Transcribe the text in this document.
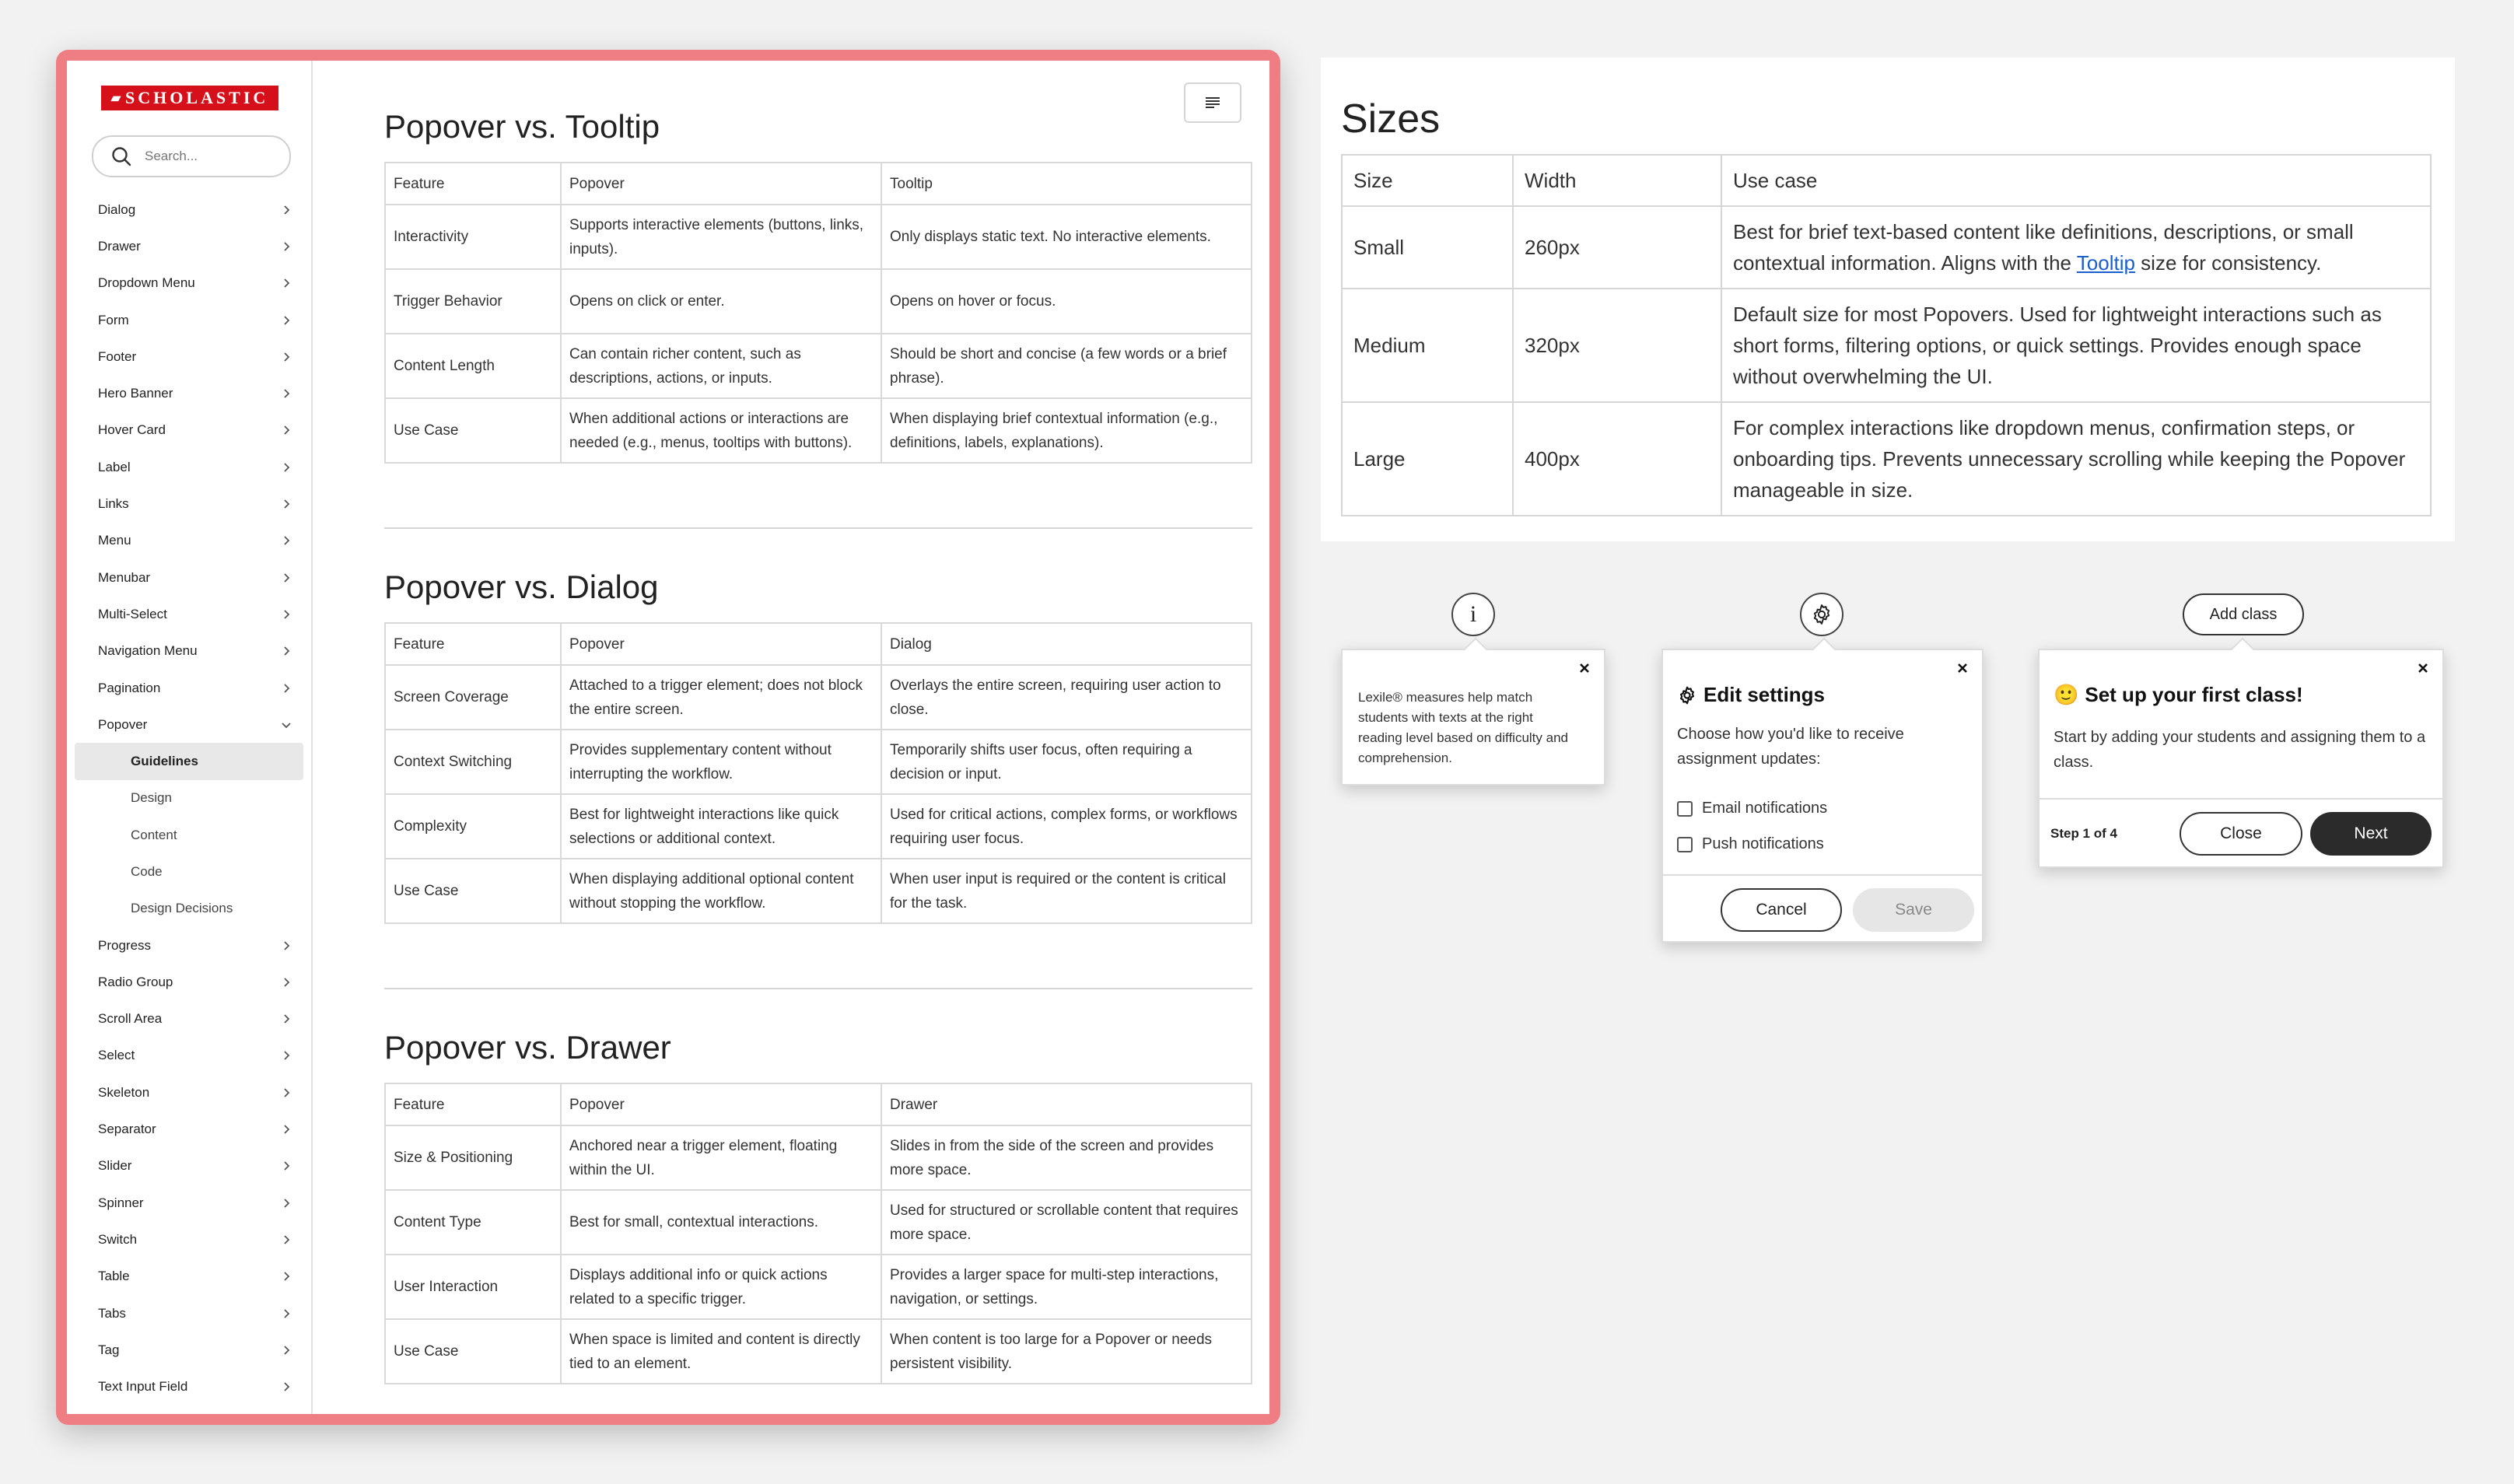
▰ SCHOLASTIC
Search...
Dialog
Drawer
Dropdown Menu
Form
Footer
Hero Banner
Hover Card
Label
Links
Menu
Menubar
Multi-Select
Navigation Menu
Pagination
Popover
Guidelines
Design
Content
Code
Design Decisions
Progress
Radio Group
Scroll Area
Select
Skeleton
Separator
Slider
Spinner
Switch
Table
Tabs
Tag
Text Input Field
Popover vs. Tooltip
Feature	Popover	Tooltip
Interactivity	Supports interactive elements (buttons, links, inputs).	Only displays static text. No interactive elements.
Trigger Behavior	Opens on click or enter.	Opens on hover or focus.
Content Length	Can contain richer content, such as descriptions, actions, or inputs.	Should be short and concise (a few words or a brief phrase).
Use Case	When additional actions or interactions are needed (e.g., menus, tooltips with buttons).	When displaying brief contextual information (e.g., definitions, labels, explanations).
Popover vs. Dialog
Feature	Popover	Dialog
Screen Coverage	Attached to a trigger element; does not block the entire screen.	Overlays the entire screen, requiring user action to close.
Context Switching	Provides supplementary content without interrupting the workflow.	Temporarily shifts user focus, often requiring a decision or input.
Complexity	Best for lightweight interactions like quick selections or additional context.	Used for critical actions, complex forms, or workflows requiring user focus.
Use Case	When displaying additional optional content without stopping the workflow.	When user input is required or the content is critical for the task.
Popover vs. Drawer
Feature	Popover	Drawer
Size & Positioning	Anchored near a trigger element, floating within the UI.	Slides in from the side of the screen and provides more space.
Content Type	Best for small, contextual interactions.	Used for structured or scrollable content that requires more space.
User Interaction	Displays additional info or quick actions related to a specific trigger.	Provides a larger space for multi-step interactions, navigation, or settings.
Use Case	When space is limited and content is directly tied to an element.	When content is too large for a Popover or needs persistent visibility.
Sizes
Size	Width	Use case
Small	260px	Best for brief text-based content like definitions, descriptions, or small contextual information. Aligns with the Tooltip size for consistency.
Medium	320px	Default size for most Popovers. Used for lightweight interactions such as short forms, filtering options, or quick settings. Provides enough space without overwhelming the UI.
Large	400px	For complex interactions like dropdown menus, confirmation steps, or onboarding tips. Prevents unnecessary scrolling while keeping the Popover manageable in size.
i
Lexile® measures help match students with texts at the right reading level based on difficulty and comprehension.
Edit settings
Choose how you'd like to receive assignment updates:
Email notifications
Push notifications
Cancel	Save
Add class
🙂 Set up your first class!
Start by adding your students and assigning them to a class.
Step 1 of 4	Close	Next
